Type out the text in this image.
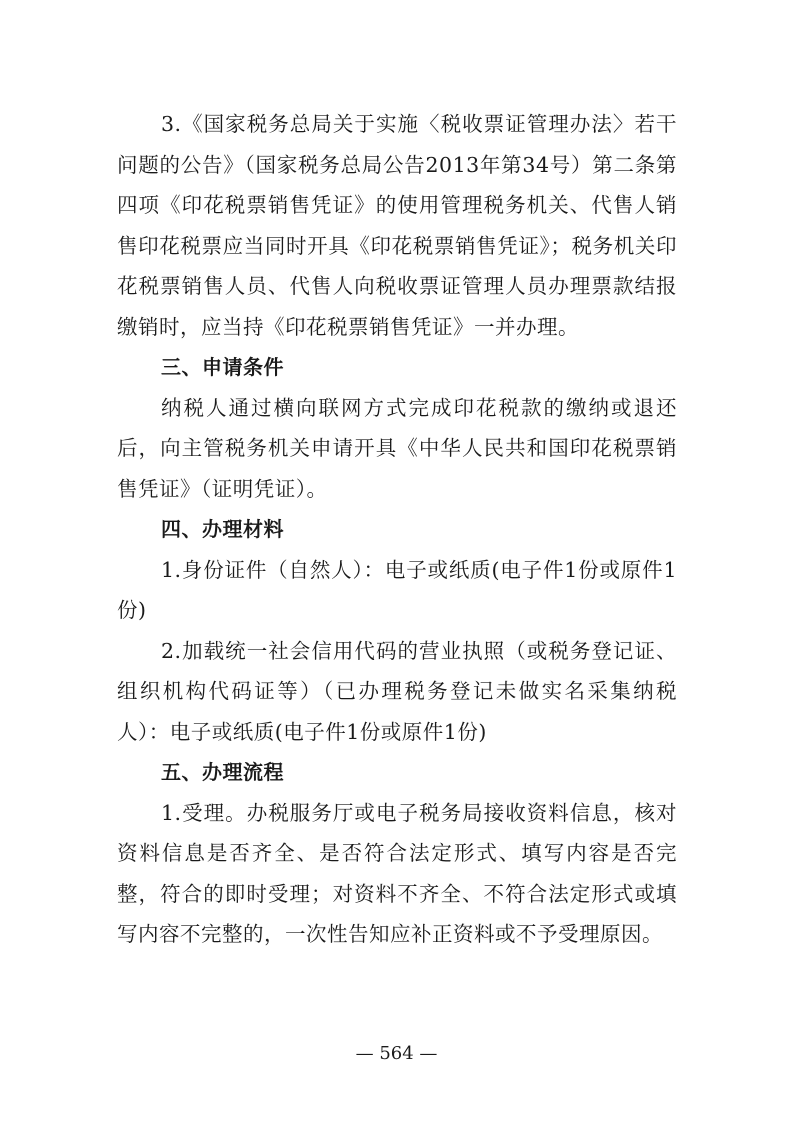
3.《国家税务总局关于实施〈税收票证管理办法〉若干问题的公告》（国家税务总局公告2013年第34号）第二条第四项《印花税票销售凭证》的使用管理税务机关、代售人销售印花税票应当同时开具《印花税票销售凭证》；税务机关印花税票销售人员、代售人向税收票证管理人员办理票款结报缴销时，应当持《印花税票销售凭证》一并办理。

三、申请条件

纳税人通过横向联网方式完成印花税款的缴纳或退还后，向主管税务机关申请开具《中华人民共和国印花税票销售凭证》（证明凭证）。

四、办理材料

1.身份证件（自然人）：电子或纸质(电子件1份或原件1份)

2.加载统一社会信用代码的营业执照（或税务登记证、组织机构代码证等）（已办理税务登记未做实名采集纳税人）：电子或纸质(电子件1份或原件1份)

五、办理流程

1.受理。办税服务厅或电子税务局接收资料信息，核对资料信息是否齐全、是否符合法定形式、填写内容是否完整，符合的即时受理；对资料不齐全、不符合法定形式或填写内容不完整的，一次性告知应补正资料或不予受理原因。

— 564 —
